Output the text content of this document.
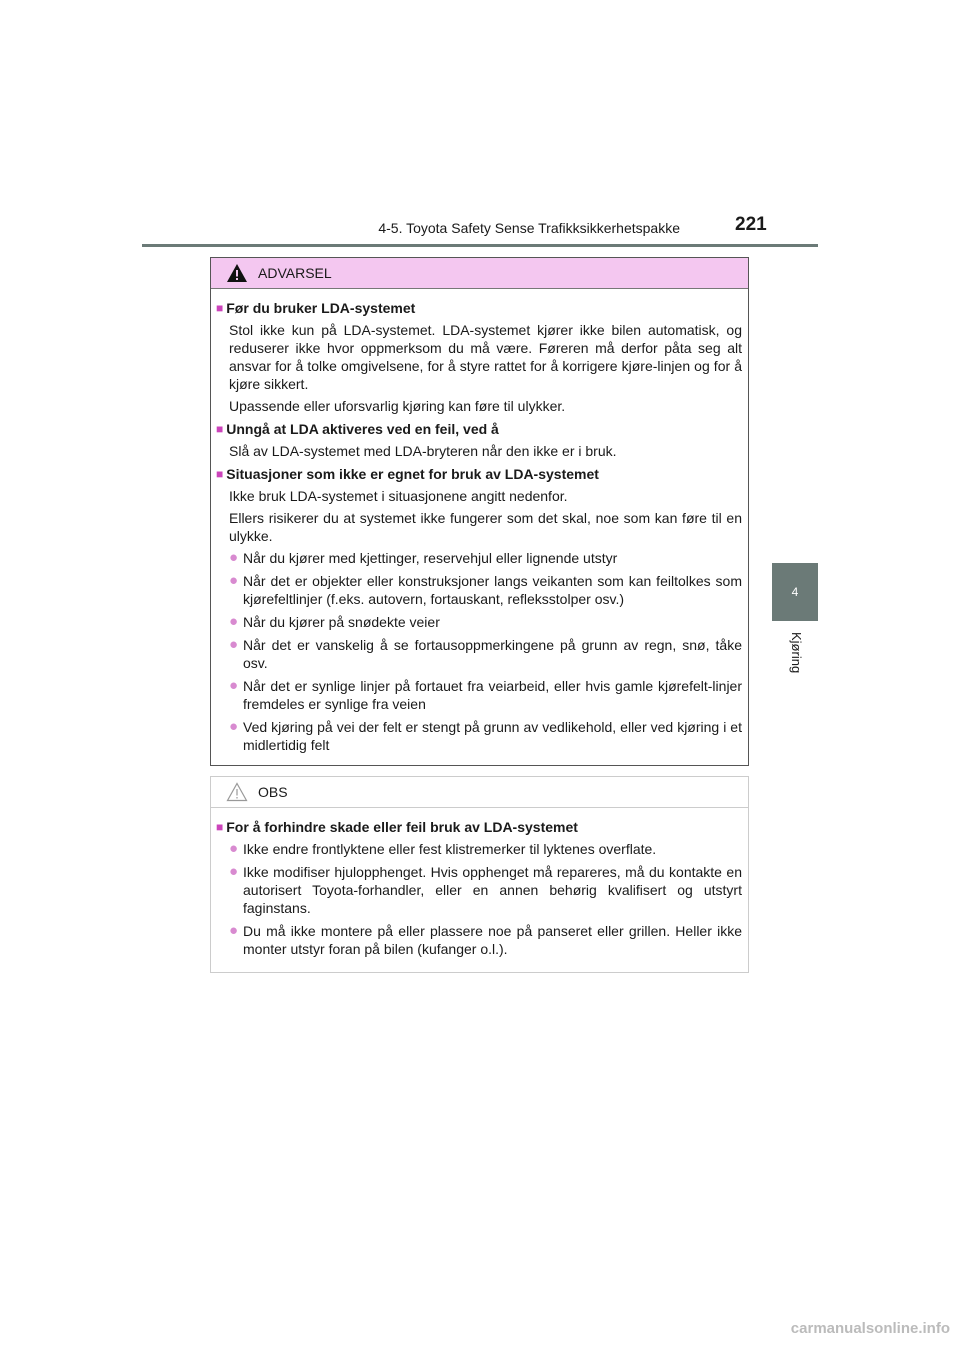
4-5. Toyota Safety Sense Trafikksikkerhetspakke	221
4
Kjøring
ADVARSEL
■ Før du bruker LDA-systemet
Stol ikke kun på LDA-systemet. LDA-systemet kjører ikke bilen automatisk, og reduserer ikke hvor oppmerksom du må være. Føreren må derfor påta seg alt ansvar for å tolke omgivelsene, for å styre rattet for å korrigere kjøre-linjen og for å kjøre sikkert.
Upassende eller uforsvarlig kjøring kan føre til ulykker.
■ Unngå at LDA aktiveres ved en feil, ved å
Slå av LDA-systemet med LDA-bryteren når den ikke er i bruk.
■ Situasjoner som ikke er egnet for bruk av LDA-systemet
Ikke bruk LDA-systemet i situasjonene angitt nedenfor.
Ellers risikerer du at systemet ikke fungerer som det skal, noe som kan føre til en ulykke.
● Når du kjører med kjettinger, reservehjul eller lignende utstyr
● Når det er objekter eller konstruksjoner langs veikanten som kan feiltolkes som kjørefeltlinjer (f.eks. autovern, fortauskant, refleksstolper osv.)
● Når du kjører på snødekte veier
● Når det er vanskelig å se fortausoppmerkingene på grunn av regn, snø, tåke osv.
● Når det er synlige linjer på fortauet fra veiarbeid, eller hvis gamle kjørefelt-linjer fremdeles er synlige fra veien
● Ved kjøring på vei der felt er stengt på grunn av vedlikehold, eller ved kjøring i et midlertidig felt
OBS
■ For å forhindre skade eller feil bruk av LDA-systemet
● Ikke endre frontlyktene eller fest klistremerker til lyktenes overflate.
● Ikke modifiser hjulopphenget. Hvis opphenget må repareres, må du kontakte en autorisert Toyota-forhandler, eller en annen behørig kvalifisert og utstyrt faginstans.
● Du må ikke montere på eller plassere noe på panseret eller grillen. Heller ikke monter utstyr foran på bilen (kufanger o.l.).
carmanualsonline.info
